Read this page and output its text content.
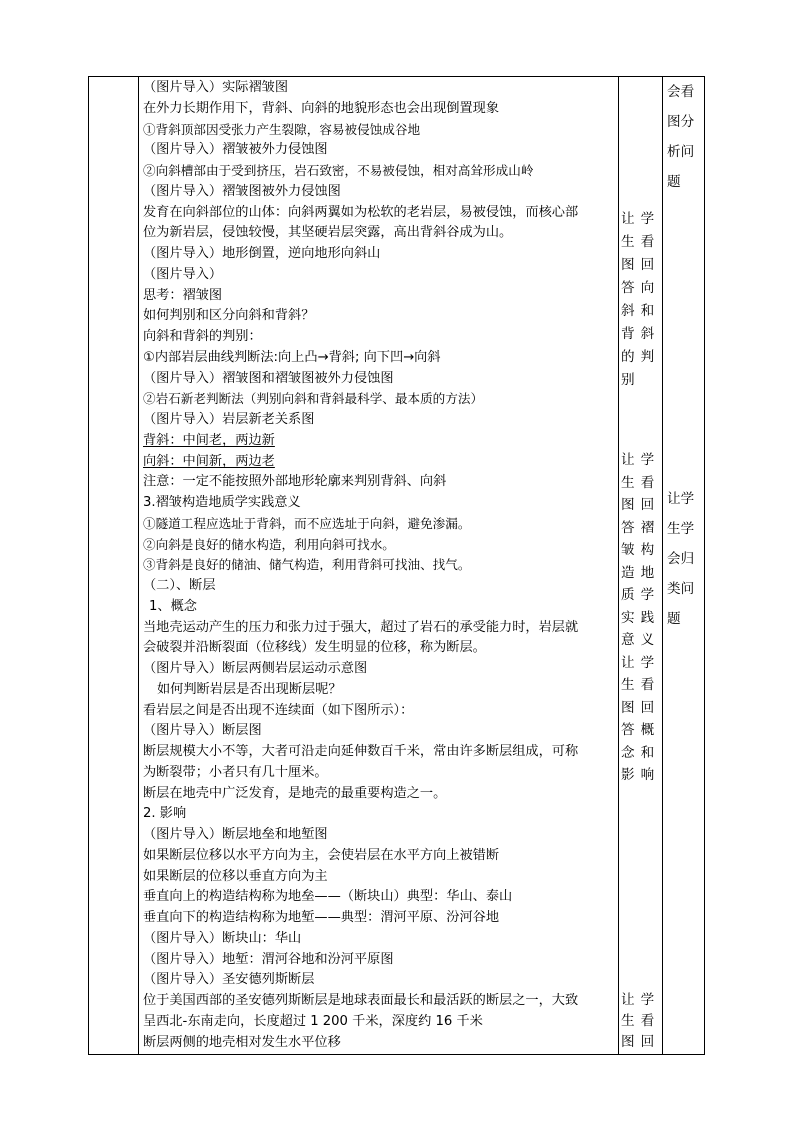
（图片导入）实际褶皱图
在外力长期作用下，背斜、向斜的地貌形态也会出现倒置现象
①背斜顶部因受张力产生裂隙，容易被侵蚀成谷地
（图片导入）褶皱被外力侵蚀图
②向斜槽部由于受到挤压，岩石致密，不易被侵蚀，相对高耸形成山岭
（图片导入）褶皱图被外力侵蚀图
发育在向斜部位的山体：向斜两翼如为松软的老岩层，易被侵蚀，而核心部
位为新岩层，侵蚀较慢，其坚硬岩层突露，高出背斜谷成为山。
（图片导入）地形倒置，逆向地形向斜山
（图片导入）
思考：褶皱图
如何判别和区分向斜和背斜？
向斜和背斜的判别：
①内部岩层曲线判断法:向上凸→背斜; 向下凹→向斜
（图片导入）褶皱图和褶皱图被外力侵蚀图
②岩石新老判断法（判别向斜和背斜最科学、最本质的方法）
（图片导入）岩层新老关系图
背斜：中间老，两边新
向斜：中间新，两边老
注意：一定不能按照外部地形轮廓来判别背斜、向斜
3.褶皱构造地质学实践意义
①隧道工程应选址于背斜，而不应选址于向斜，避免渗漏。
②向斜是良好的储水构造，利用向斜可找水。
③背斜是良好的储油、储气构造，利用背斜可找油、找气。
（二）、断层
1、概念
当地壳运动产生的压力和张力过于强大，超过了岩石的承受能力时，岩层就
会破裂并沿断裂面（位移线）发生明显的位移，称为断层。
（图片导入）断层两侧岩层运动示意图
如何判断岩层是否出现断层呢？
看岩层之间是否出现不连续面（如下图所示）：
（图片导入）断层图
断层规模大小不等，大者可沿走向延伸数百千米，常由许多断层组成，可称
为断裂带；小者只有几十厘米。
断层在地壳中广泛发育，是地壳的最重要构造之一。
2. 影响
（图片导入）断层地垒和地堑图
如果断层位移以水平方向为主，会使岩层在水平方向上被错断
如果断层的位移以垂直方向为主
垂直向上的构造结构称为地垒——（断块山）典型：华山、泰山
垂直向下的构造结构称为地堑——典型：渭河平原、汾河谷地
（图片导入）断块山：华山
（图片导入）地堑：渭河谷地和汾河平原图
（图片导入）圣安德列斯断层
位于美国西部的圣安德列斯断层是地球表面最长和最活跃的断层之一，大致
呈西北-东南走向，长度超过 1 200 千米，深度约 16 千米
断层两侧的地壳相对发生水平位移
让学
生看
图回
答向
斜和
背斜
的判
别
让学
生看
图回
答褶
皱构
造地
质学
实践
意义
让学
生看
图回
答概
念和
影响
让学
生看
图回
会看
图分
析问
题
让学
生学
会归
类问
题
